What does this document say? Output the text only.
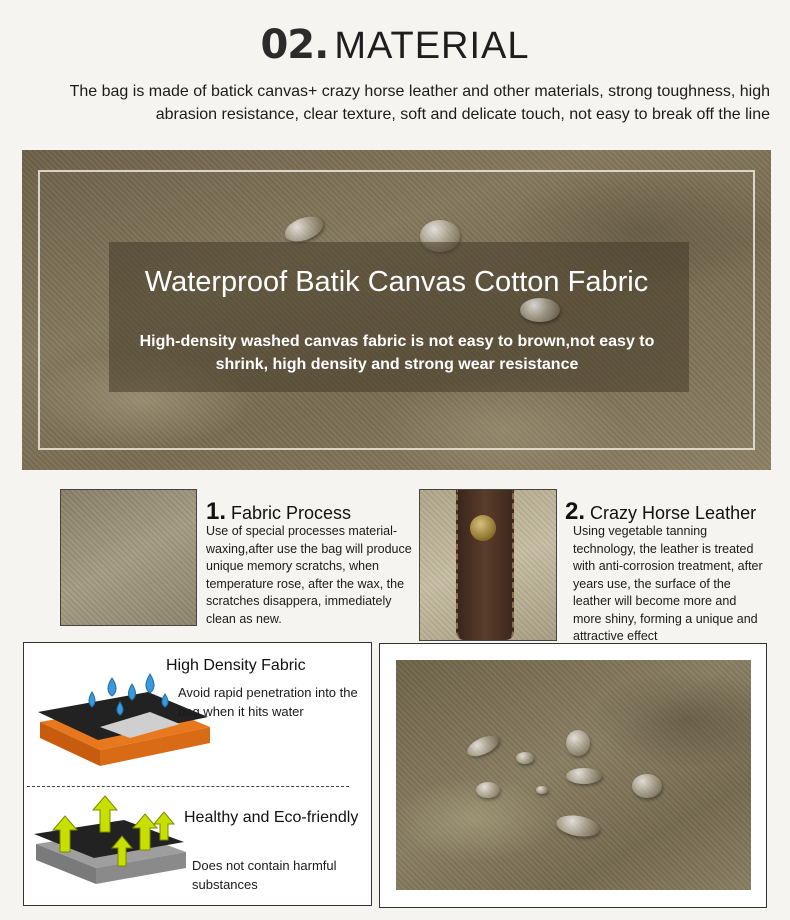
02. MATERIAL
The bag is made of batick canvas+ crazy horse leather and other materials, strong toughness, high abrasion resistance, clear texture, soft and delicate touch, not easy to break off the line
Waterproof Batik Canvas Cotton Fabric
High-density washed canvas fabric is not easy to brown,not easy to shrink, high density and strong wear resistance
1. Fabric Process
Use of special processes material-waxing,after use the bag will produce unique memory scratchs, when temperature rose, after the wax, the scratches disappera, immediately clean as new.
2. Crazy Horse Leather
Using vegetable tanning technology, the leather is treated with anti-corrosion treatment, after years use, the surface of the leather will become more and more shiny, forming a unique and attractive effect
High Density Fabric
Avoid rapid penetration into the bag when it hits water
Healthy and Eco-friendly
Does not contain harmful substances
